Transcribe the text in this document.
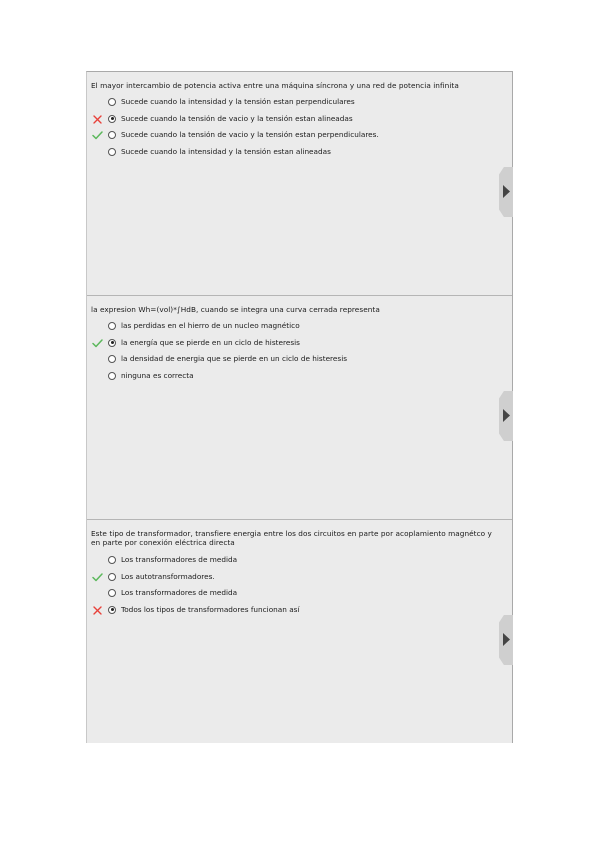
El mayor intercambio de potencia activa entre una máquina síncrona y una red de potencia infinita
Sucede cuando la intensidad y la tensión estan perpendiculares
Sucede cuando la tensión de vacio y la tensión estan alineadas
Sucede cuando la tensión de vacio y la tensión estan perpendiculares.
Sucede cuando la intensidad y la tensión estan alineadas
la expresion Wh=(vol)*∫HdB, cuando se integra una curva cerrada representa
las perdidas en el hierro de un nucleo magnético
la energía que se pierde en un ciclo de histeresis
la densidad de energia que se pierde en un ciclo de histeresis
ninguna es correcta
Este tipo de transformador, transfiere energia entre los dos circuitos en parte por acoplamiento magnétco y en parte por conexión eléctrica directa
Los transformadores de medida
Los autotransformadores.
Los transformadores de medida
Todos los tipos de transformadores funcionan así
